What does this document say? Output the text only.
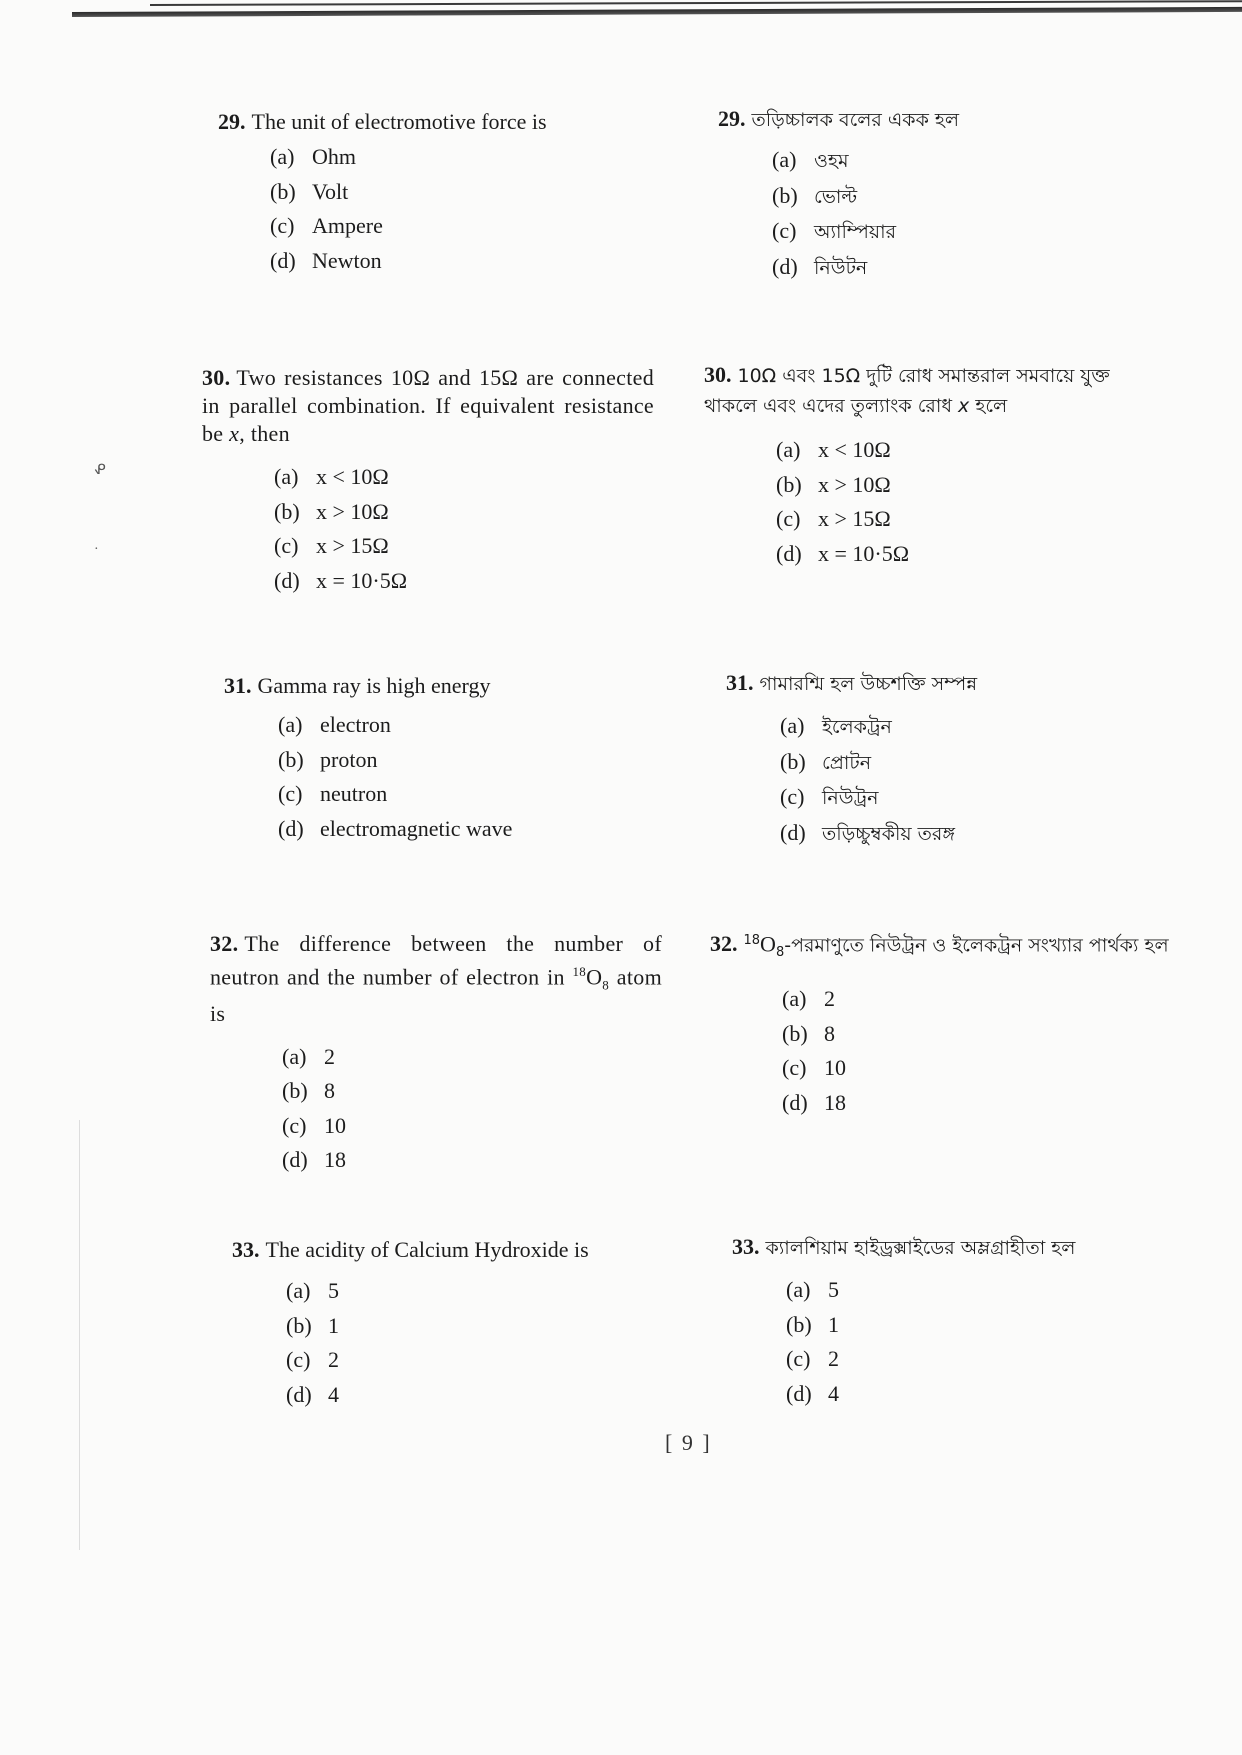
ᕵ
·
29. The unit of electromotive force is
(a) Ohm
(b) Volt
(c) Ampere
(d) Newton
29. তড়িচ্চালক বলের একক হল
(a) ওহম
(b) ভোল্ট
(c) অ্যাম্পিয়ার
(d) নিউটন
30. Two resistances 10Ω and 15Ω are connected in parallel combination. If equivalent resistance be x, then
(a) x < 10Ω
(b) x > 10Ω
(c) x > 15Ω
(d) x = 10·5Ω
30. 10Ω এবং 15Ω দুটি রোধ সমান্তরাল সমবায়ে যুক্ত থাকলে এবং এদের তুল্যাংক রোধ x হলে
(a) x < 10Ω
(b) x > 10Ω
(c) x > 15Ω
(d) x = 10·5Ω
31. Gamma ray is high energy
(a) electron
(b) proton
(c) neutron
(d) electromagnetic wave
31. গামারশ্মি হল উচ্চশক্তি সম্পন্ন
(a) ইলেকট্রন
(b) প্রোটন
(c) নিউট্রন
(d) তড়িচ্চুম্বকীয় তরঙ্গ
32. The difference between the number of neutron and the number of electron in $^{18}O_8$ atom is
(a) 2
(b) 8
(c) 10
(d) 18
32. $^{18}O_8-পরমাণুতে$ নিউট্রন ও ইলেকট্রন সংখ্যার পার্থক্য হল
(a) 2
(b) 8
(c) 10
(d) 18
33. The acidity of Calcium Hydroxide is
(a) 5
(b) 1
(c) 2
(d) 4
33. ক্যালশিয়াম হাইড্রক্সাইডের অম্লগ্রাহীতা হল
(a) 5
(b) 1
(c) 2
(d) 4
[ 9 ]
